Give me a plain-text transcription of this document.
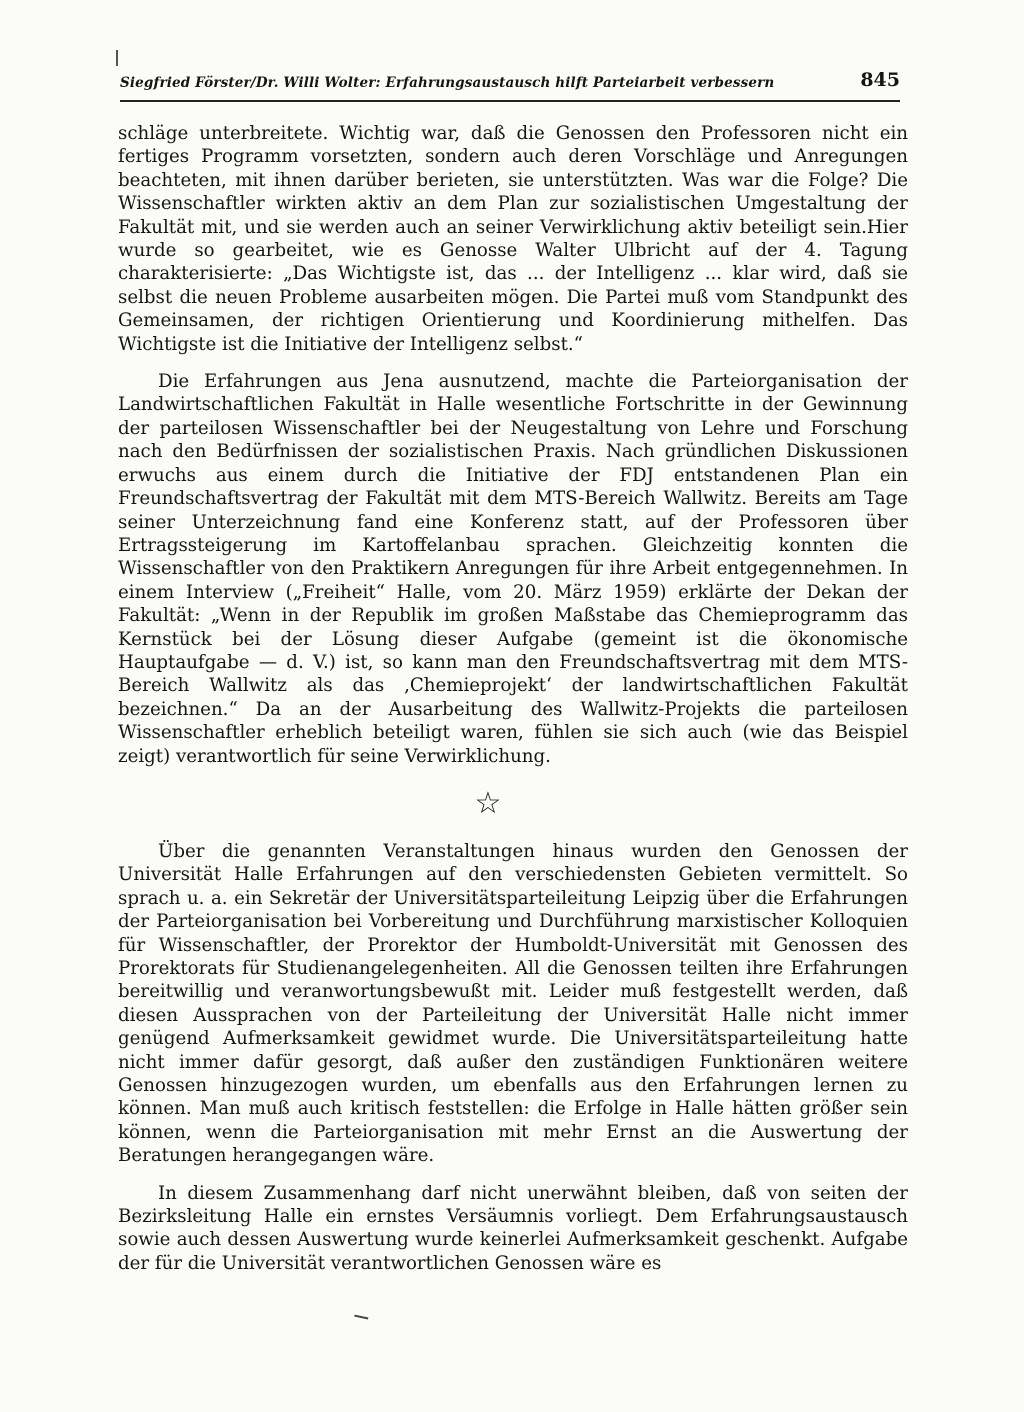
Siegfried Förster/Dr. Willi Wolter: Erfahrungsaustausch hilft Parteiarbeit verbessern	845

schläge unterbreitete. Wichtig war, daß die Genossen den Professoren nicht ein fertiges Programm vorsetzten, sondern auch deren Vorschläge und Anregungen beachteten, mit ihnen darüber berieten, sie unterstützten. Was war die Folge? Die Wissenschaftler wirkten aktiv an dem Plan zur sozialistischen Umgestaltung der Fakultät mit, und sie werden auch an seiner Verwirklichung aktiv beteiligt sein.Hier wurde so gearbeitet, wie es Genosse Walter Ulbricht auf der 4. Tagung charakterisierte: „Das Wichtigste ist, das ... der Intelligenz ... klar wird, daß sie selbst die neuen Probleme ausarbeiten mögen. Die Partei muß vom Standpunkt des Gemeinsamen, der richtigen Orientierung und Koordinierung mithelfen. Das Wichtigste ist die Initiative der Intelligenz selbst.“

Die Erfahrungen aus Jena ausnutzend, machte die Parteiorganisation der Landwirtschaftlichen Fakultät in Halle wesentliche Fortschritte in der Gewinnung der parteilosen Wissenschaftler bei der Neugestaltung von Lehre und Forschung nach den Bedürfnissen der sozialistischen Praxis. Nach gründlichen Diskussionen erwuchs aus einem durch die Initiative der FDJ entstandenen Plan ein Freundschaftsvertrag der Fakultät mit dem MTS-Bereich Wallwitz. Bereits am Tage seiner Unterzeichnung fand eine Konferenz statt, auf der Professoren über Ertragssteigerung im Kartoffelanbau sprachen. Gleichzeitig konnten die Wissenschaftler von den Praktikern Anregungen für ihre Arbeit entgegennehmen. In einem Interview („Freiheit“ Halle, vom 20. März 1959) erklärte der Dekan der Fakultät: „Wenn in der Republik im großen Maßstabe das Chemieprogramm das Kernstück bei der Lösung dieser Aufgabe (gemeint ist die ökonomische Hauptaufgabe — d. V.) ist, so kann man den Freundschaftsvertrag mit dem MTS-Bereich Wallwitz als das ‚Chemieprojekt‘ der landwirtschaftlichen Fakultät bezeichnen.“ Da an der Ausarbeitung des Wallwitz-Projekts die parteilosen Wissenschaftler erheblich beteiligt waren, fühlen sie sich auch (wie das Beispiel zeigt) verantwortlich für seine Verwirklichung.

☆

Über die genannten Veranstaltungen hinaus wurden den Genossen der Universität Halle Erfahrungen auf den verschiedensten Gebieten vermittelt. So sprach u. a. ein Sekretär der Universitätsparteileitung Leipzig über die Erfahrungen der Parteiorganisation bei Vorbereitung und Durchführung marxistischer Kolloquien für Wissenschaftler, der Prorektor der Humboldt-Universität mit Genossen des Prorektorats für Studienangelegenheiten. All die Genossen teilten ihre Erfahrungen bereitwillig und veranwortungsbewußt mit. Leider muß festgestellt werden, daß diesen Aussprachen von der Parteileitung der Universität Halle nicht immer genügend Aufmerksamkeit gewidmet wurde. Die Universitätsparteileitung hatte nicht immer dafür gesorgt, daß außer den zuständigen Funktionären weitere Genossen hinzugezogen wurden, um ebenfalls aus den Erfahrungen lernen zu können. Man muß auch kritisch feststellen: die Erfolge in Halle hätten größer sein können, wenn die Parteiorganisation mit mehr Ernst an die Auswertung der Beratungen herangegangen wäre.

In diesem Zusammenhang darf nicht unerwähnt bleiben, daß von seiten der Bezirksleitung Halle ein ernstes Versäumnis vorliegt. Dem Erfahrungsaustausch sowie auch dessen Auswertung wurde keinerlei Aufmerksamkeit geschenkt. Aufgabe der für die Universität verantwortlichen Genossen wäre es
